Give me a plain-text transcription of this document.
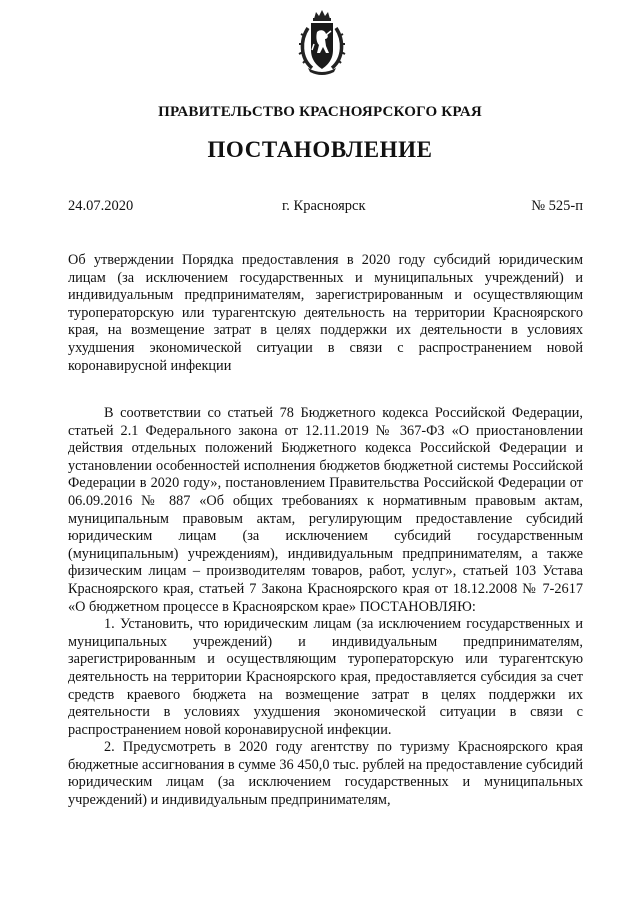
ПРАВИТЕЛЬСТВО КРАСНОЯРСКОГО КРАЯ
ПОСТАНОВЛЕНИЕ
24.07.2020	г. Красноярск	№ 525-п
Об утверждении Порядка предоставления в 2020 году субсидий юридическим лицам (за исключением государственных и муниципальных учреждений) и индивидуальным предпринимателям, зарегистрированным и осуществляющим туроператорскую или турагентскую деятельность на территории Красноярского края, на возмещение затрат в целях поддержки их деятельности в условиях ухудшения экономической ситуации в связи с распространением новой коронавирусной инфекции

В соответствии со статьей 78 Бюджетного кодекса Российской Федерации, статьей 2.1 Федерального закона от 12.11.2019 № 367-ФЗ «О приостановлении действия отдельных положений Бюджетного кодекса Российской Федерации и установлении особенностей исполнения бюджетов бюджетной системы Российской Федерации в 2020 году», постановлением Правительства Российской Федерации от 06.09.2016 № 887 «Об общих требованиях к нормативным правовым актам, муниципальным правовым актам, регулирующим предоставление субсидий юридическим лицам (за исключением субсидий государственным (муниципальным) учреждениям), индивидуальным предпринимателям, а также физическим лицам – производителям товаров, работ, услуг», статьей 103 Устава Красноярского края, статьей 7 Закона Красноярского края от 18.12.2008 № 7-2617 «О бюджетном процессе в Красноярском крае» ПОСТАНОВЛЯЮ:

1. Установить, что юридическим лицам (за исключением государственных и муниципальных учреждений) и индивидуальным предпринимателям, зарегистрированным и осуществляющим туроператорскую или турагентскую деятельность на территории Красноярского края, предоставляется субсидия за счет средств краевого бюджета на возмещение затрат в целях поддержки их деятельности в условиях ухудшения экономической ситуации в связи с распространением новой коронавирусной инфекции.

2. Предусмотреть в 2020 году агентству по туризму Красноярского края бюджетные ассигнования в сумме 36 450,0 тыс. рублей на предоставление субсидий юридическим лицам (за исключением государственных и муниципальных учреждений) и индивидуальным предпринимателям,
